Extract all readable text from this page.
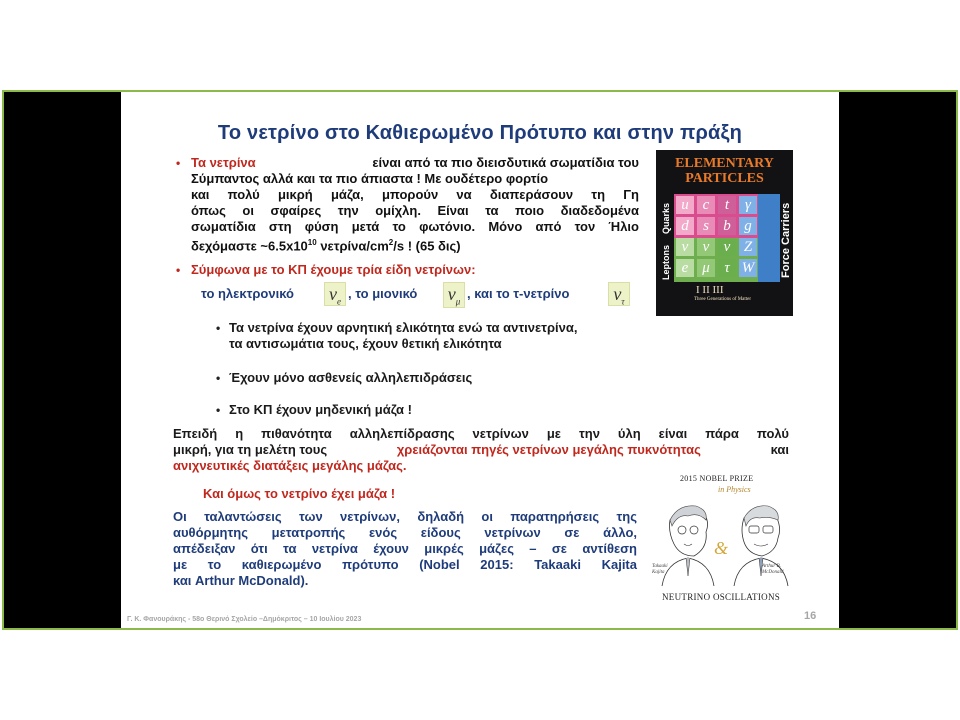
Το νετρίνο στο Καθιερωμένο Πρότυπο και στην πράξη
• Τα νετρίνα	είναι από τα πιο διεισδυτικά σωματίδια του
Σύμπαντος αλλά και τα πιο άπιαστα ! Με ουδέτερο φορτίο
και πολύ μικρή μάζα, μπορούν να διαπεράσουν τη Γη
όπως οι σφαίρες την ομίχλη. Είναι τα ποιο διαδεδομένα
σωματίδια στη φύση μετά το φωτόνιο. Μόνο από τον Ήλιο
δεχόμαστε $\sim 6.5x10^{10}$ νετρίνα/$cm^2/s$ ! (65 δις)
• Σύμφωνα με το ΚΠ έχουμε τρία είδη νετρίνων:
το ηλεκτρονικό $\nu_e$
, το μιονικό $\nu_\mu$
, και το τ-νετρίνο $\nu_\tau$
• Τα νετρίνα έχουν αρνητική ελικότητα ενώ τα αντινετρίνα,
τα αντισωμάτια τους, έχουν θετική ελικότητα
• Έχουν μόνο ασθενείς αλληλεπιδράσεις
• Στο ΚΠ έχουν μηδενική μάζα !
Επειδή η πιθανότητα αλληλεπίδρασης νετρίνων με την ύλη είναι πάρα πολύ
μικρή, για τη μελέτη τους	χρειάζονται πηγές νετρίνων μεγάλης πυκνότητας	και
ανιχνευτικές διατάξεις μεγάλης μάζας.
Και όμως το νετρίνο έχει μάζα !
Οι ταλαντώσεις των νετρίνων, δηλαδή οι παρατηρήσεις της
αυθόρμητης μετατροπής ενός είδους νετρίνων σε άλλο,
απέδειξαν ότι τα νετρίνα έχουν μικρές μάζες – σε αντίθεση
με το καθιερωμένο πρότυπο (Nobel 2015: Takaaki Kajita
και Arthur McDonald).
ELEMENTARY
PARTICLES
u c	t	γ
d s b g
ν ν ν Z
e μ τ W
Quarks
Leptons	Force Carriers
I II III
Three Generations of Matter
2015 NOBEL PRIZE
in Physics
&
Takaaki Kajita
Arthur B. McDonald
NEUTRINO OSCILLATIONS
Γ. Κ. Φανουράκης - 58ο Θερινό Σχολείο –Δημόκριτος – 10 Ιουλίου 2023	16
